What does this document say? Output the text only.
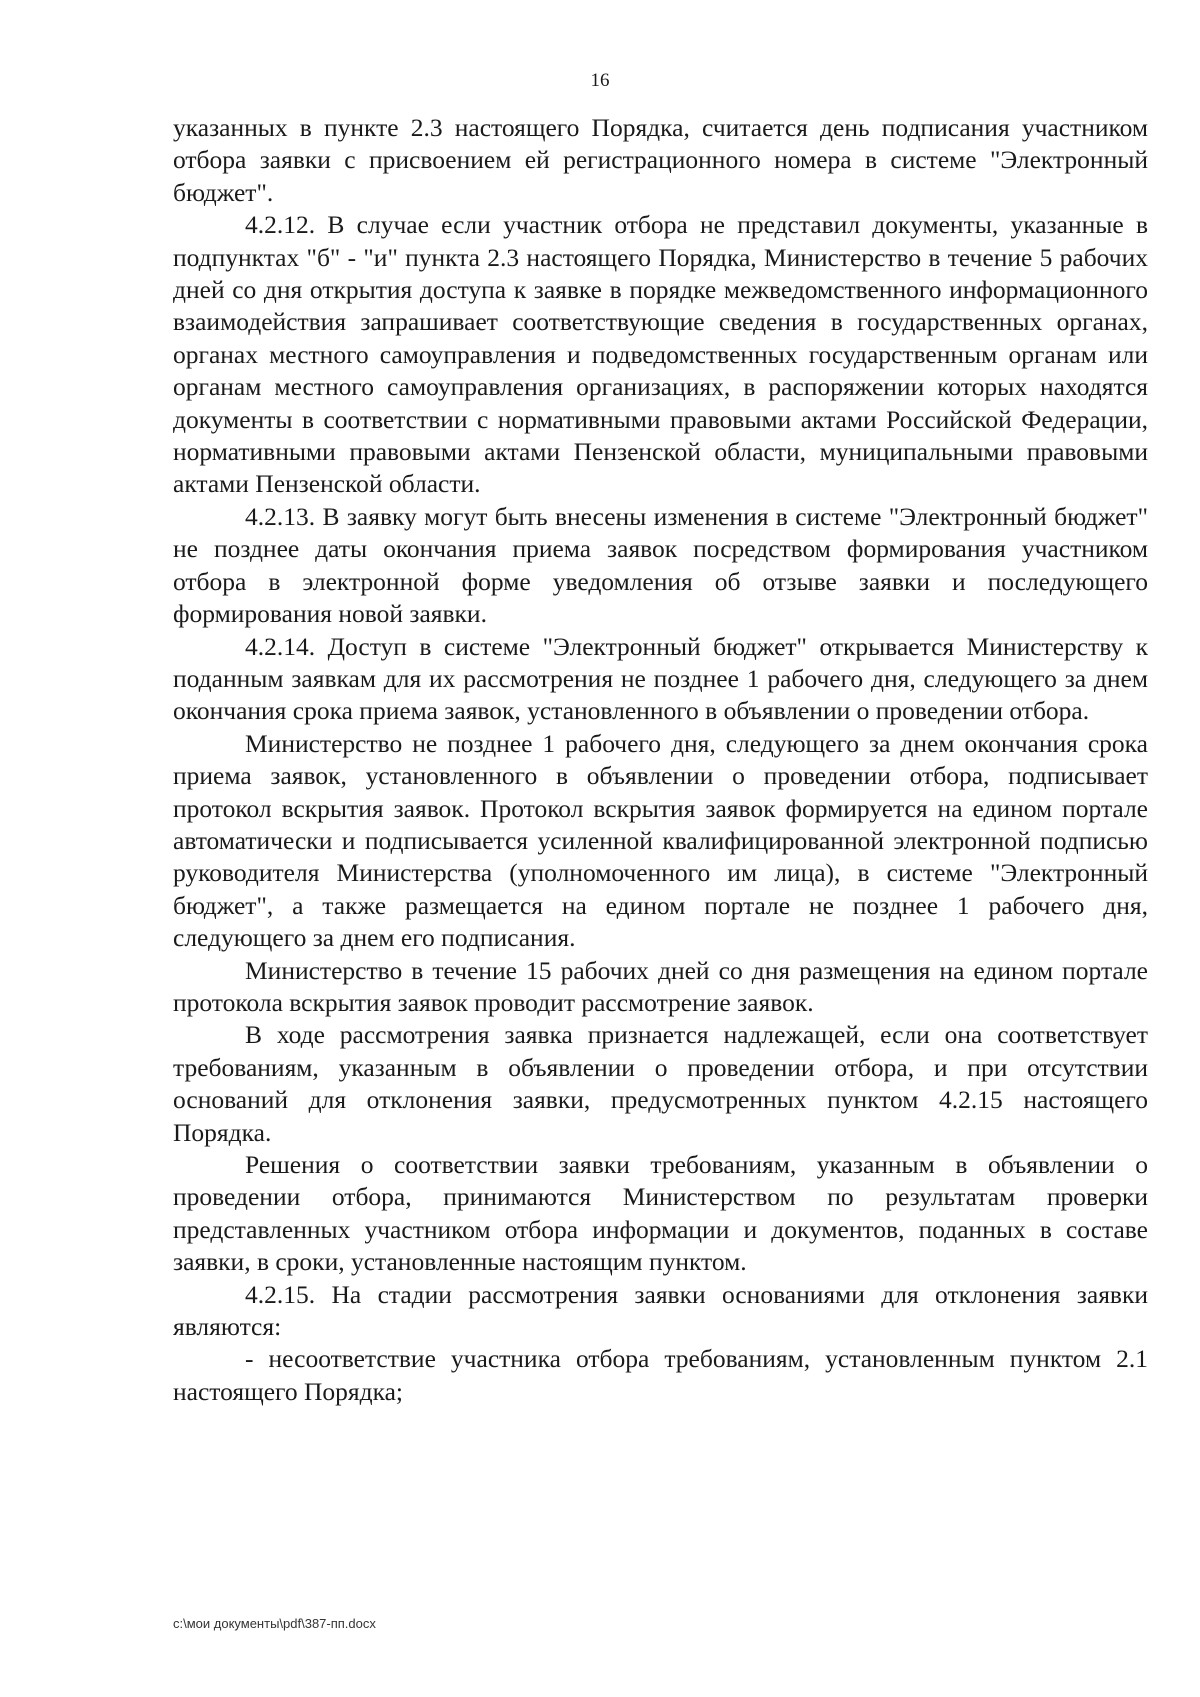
16

указанных в пункте 2.3 настоящего Порядка, считается день подписания участником отбора заявки с присвоением ей регистрационного номера в системе "Электронный бюджет".

4.2.12. В случае если участник отбора не представил документы, указанные в подпунктах "б" - "и" пункта 2.3 настоящего Порядка, Министерство в течение 5 рабочих дней со дня открытия доступа к заявке в порядке межведомственного информационного взаимодействия запрашивает соответствующие сведения в государственных органах, органах местного самоуправления и подведомственных государственным органам или органам местного самоуправления организациях, в распоряжении которых находятся документы в соответствии с нормативными правовыми актами Российской Федерации, нормативными правовыми актами Пензенской области, муниципальными правовыми актами Пензенской области.

4.2.13. В заявку могут быть внесены изменения в системе "Электронный бюджет" не позднее даты окончания приема заявок посредством формирования участником отбора в электронной форме уведомления об отзыве заявки и последующего формирования новой заявки.

4.2.14. Доступ в системе "Электронный бюджет" открывается Министерству к поданным заявкам для их рассмотрения не позднее 1 рабочего дня, следующего за днем окончания срока приема заявок, установленного в объявлении о проведении отбора.

Министерство не позднее 1 рабочего дня, следующего за днем окончания срока приема заявок, установленного в объявлении о проведении отбора, подписывает протокол вскрытия заявок. Протокол вскрытия заявок формируется на едином портале автоматически и подписывается усиленной квалифицированной электронной подписью руководителя Министерства (уполномоченного им лица), в системе "Электронный бюджет", а также размещается на едином портале не позднее 1 рабочего дня, следующего за днем его подписания.

Министерство в течение 15 рабочих дней со дня размещения на едином портале протокола вскрытия заявок проводит рассмотрение заявок.

В ходе рассмотрения заявка признается надлежащей, если она соответствует требованиям, указанным в объявлении о проведении отбора, и при отсутствии оснований для отклонения заявки, предусмотренных пунктом 4.2.15 настоящего Порядка.

Решения о соответствии заявки требованиям, указанным в объявлении о проведении отбора, принимаются Министерством по результатам проверки представленных участником отбора информации и документов, поданных в составе заявки, в сроки, установленные настоящим пунктом.

4.2.15. На стадии рассмотрения заявки основаниями для отклонения заявки являются:

- несоответствие участника отбора требованиям, установленным пунктом 2.1 настоящего Порядка;

c:\мои документы\pdf\387-пп.docx
